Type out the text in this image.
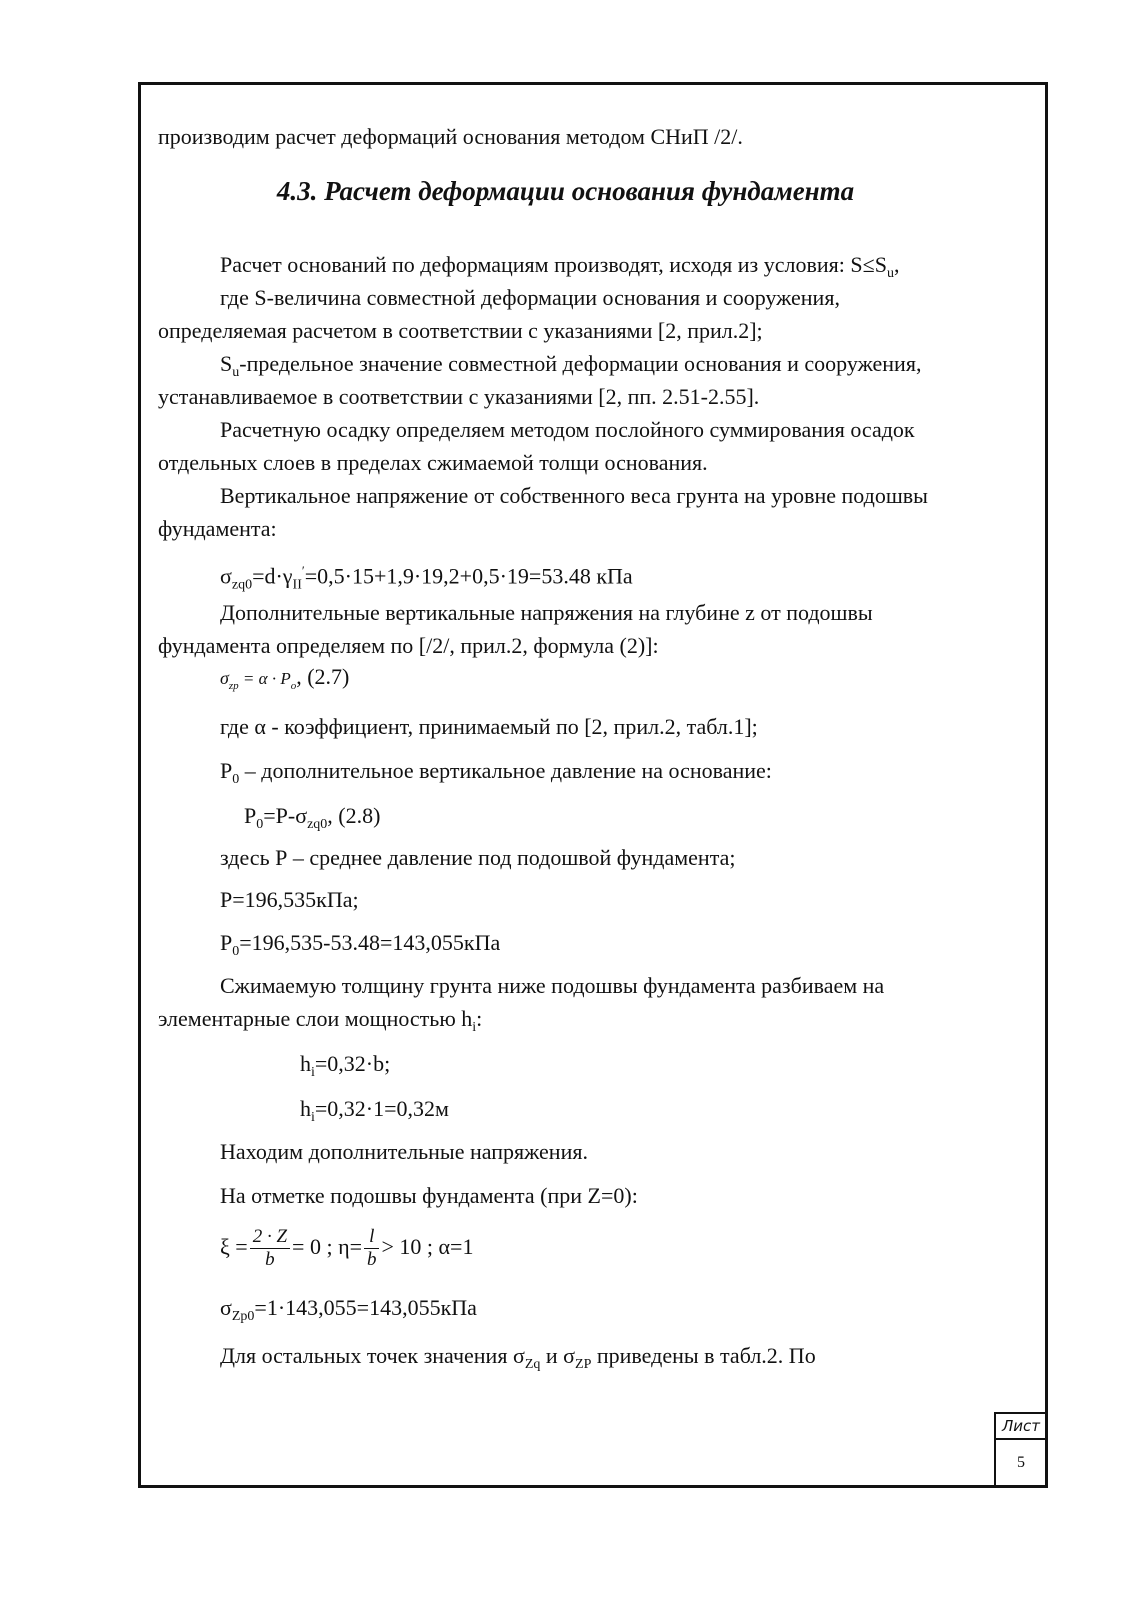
производим расчет деформаций основания методом СНиП /2/.
4.3. Расчет деформации основания фундамента
Расчет оснований по деформациям производят, исходя из условия: $S\le S_u$,
где S-величина совместной деформации основания и сооружения,
определяемая расчетом в соответствии с указаниями [2, прил.2];
$S_u$-предельное значение совместной деформации основания и сооружения,
устанавливаемое в соответствии с указаниями [2, пп. 2.51-2.55].
Расчетную осадку определяем методом послойного суммирования осадок
отдельных слоев в пределах сжимаемой толщи основания.
Вертикальное напряжение от собственного веса грунта на уровне подошвы
фундамента:
$\sigma_{zq0}=d\cdot\gamma_{II}'=0,5\cdot 15+1,9\cdot 19,2+0,5\cdot 19=53.48$ кПа
Дополнительные вертикальные напряжения на глубине z от подошвы
фундамента определяем по [/2/, прил.2, формула (2)]:
$\sigma_{zp} = \alpha \cdot P_o$, (2.7)
где α - коэффициент, принимаемый по [2, прил.2, табл.1];
$P_0$ – дополнительное вертикальное давление на основание:
$P_0=P-\sigma_{zq0}$, (2.8)
здесь Р – среднее давление под подошвой фундамента;
P=196,535кПа;
$P_0=196,535-53.48=143,055кПа$
Сжимаемую толщину грунта ниже подошвы фундамента разбиваем на
элементарные слои мощностью $h_i$:
$h_i=0,32\cdot b$;
$h_i=0,32\cdot 1=0,32м$
Находим дополнительные напряжения.
На отметке подошвы фундамента (при Z=0):
$\xi = \frac{2 \cdot Z}{b} = 0$ ; $\eta= \frac{l}{b} > 10$ ; α=1
$\sigma_{Zp0}=1\cdot 143,055=143,055кПа$
Для остальных точек значения $\sigma_{Zq}$ и $\sigma_{ZP}$ приведены в табл.2. По
Лист
5
